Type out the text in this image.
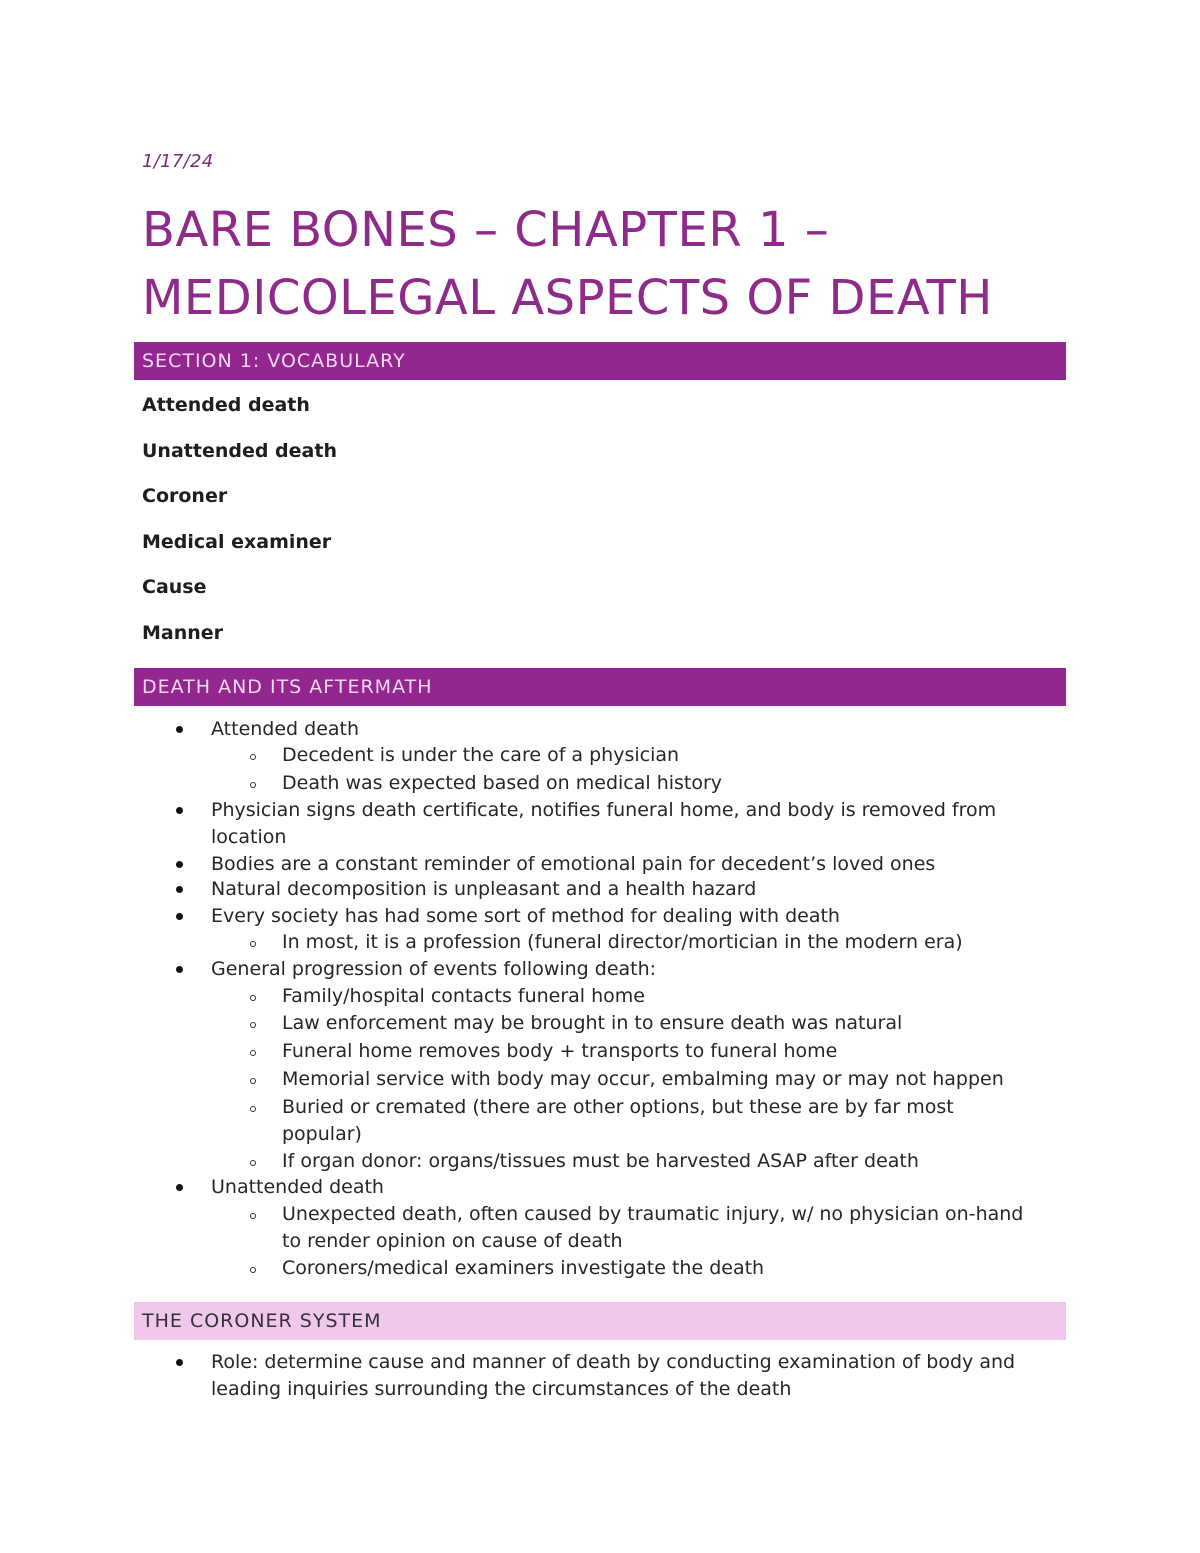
1/17/24
BARE BONES – CHAPTER 1 –
MEDICOLEGAL ASPECTS OF DEATH
SECTION 1: VOCABULARY
Attended death
Unattended death
Coroner
Medical examiner
Cause
Manner
DEATH AND ITS AFTERMATH
Attended death
Decedent is under the care of a physician
Death was expected based on medical history
Physician signs death certificate, notifies funeral home, and body is removed from
location
Bodies are a constant reminder of emotional pain for decedent’s loved ones
Natural decomposition is unpleasant and a health hazard
Every society has had some sort of method for dealing with death
In most, it is a profession (funeral director/mortician in the modern era)
General progression of events following death:
Family/hospital contacts funeral home
Law enforcement may be brought in to ensure death was natural
Funeral home removes body + transports to funeral home
Memorial service with body may occur, embalming may or may not happen
Buried or cremated (there are other options, but these are by far most
popular)
If organ donor: organs/tissues must be harvested ASAP after death
Unattended death
Unexpected death, often caused by traumatic injury, w/ no physician on-hand
to render opinion on cause of death
Coroners/medical examiners investigate the death
THE CORONER SYSTEM
Role: determine cause and manner of death by conducting examination of body and
leading inquiries surrounding the circumstances of the death
